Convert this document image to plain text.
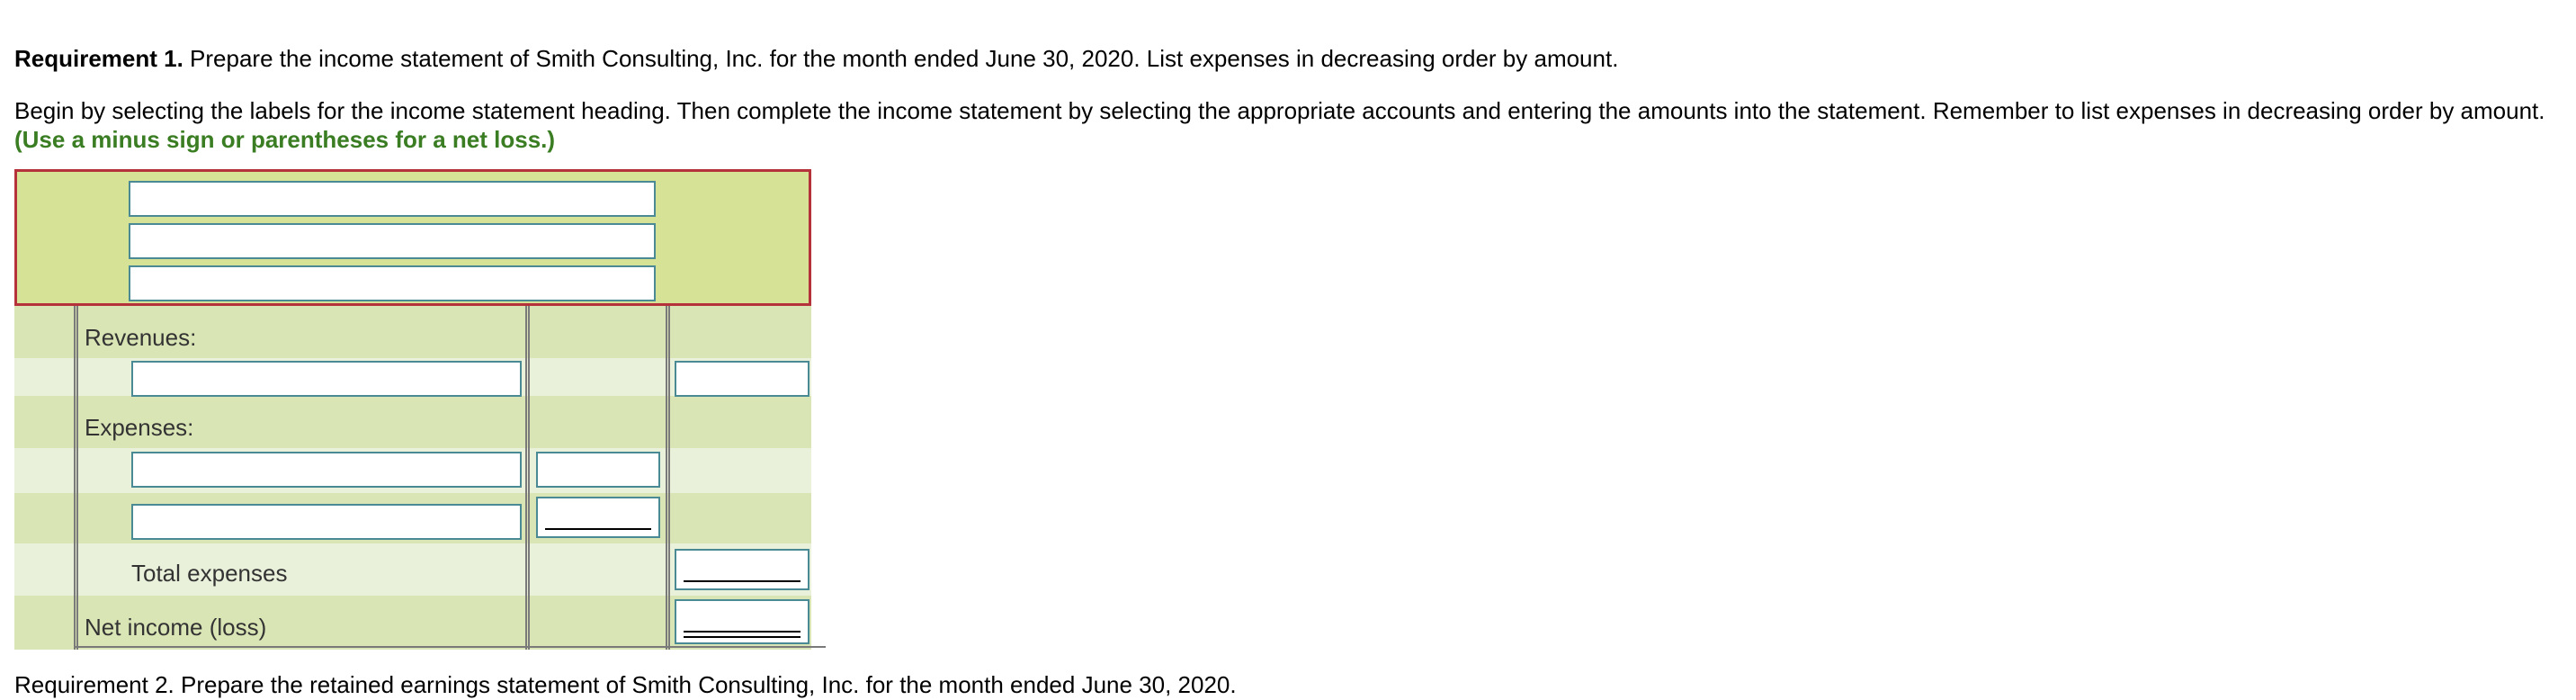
Requirement 1. Prepare the income statement of Smith Consulting, Inc. for the month ended June 30, 2020. List expenses in decreasing order by amount.
Begin by selecting the labels for the income statement heading. Then complete the income statement by selecting the appropriate accounts and entering the amounts into the statement. Remember to list expenses in decreasing order by amount.
(Use a minus sign or parentheses for a net loss.)
Revenues:
Expenses:
Total expenses
Net income (loss)
Requirement 2. Prepare the retained earnings statement of Smith Consulting, Inc. for the month ended June 30, 2020.
